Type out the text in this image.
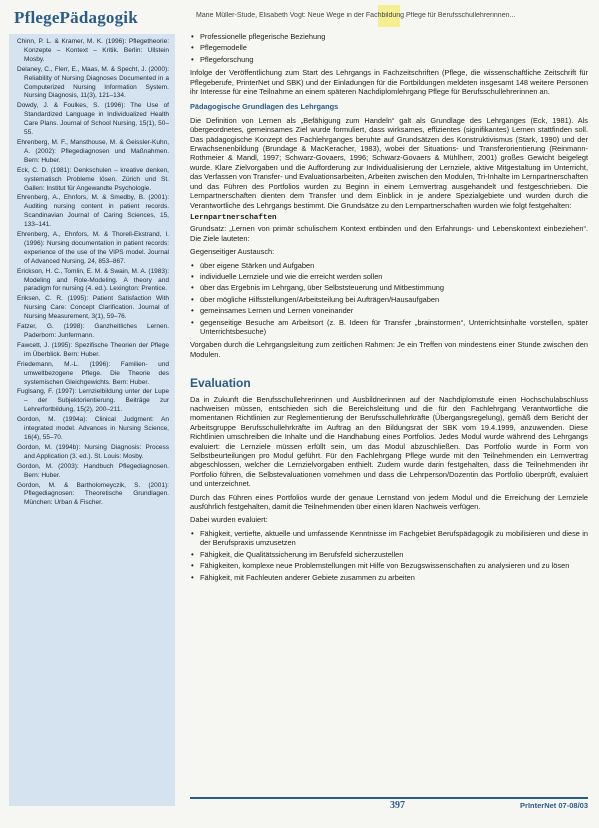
PflegePädagogik	Marie Müller-Stude, Elisabeth Vogt: Neue Wege in der Fachbildung Pflege für Berufsschullehrerinnen...

Chinn, P. L. & Kramer, M. K. (1996): Pflegetheorie: Konzepte – Kontext – Kritik. Berlin: Ullstein Mosby.

Delaney, C., Flerr, E., Maas, M. & Specht, J. (2000): Reliability of Nursing Diagnoses Documented in a Computerized Nursing Information System. Nursing Diagnosis, 11(3), 121–134.

Dowdy, J. & Foulkes, S. (1996): The Use of Standardized Language in Individualized Health Care Plans. Journal of School Nursing, 15(1), 50–55.

Ehrenberg, M. F., Mansthouse, M. & Geissler-Kuhn, A. (2002): Pflegediagnosen und Maßnahmen. Bern: Huber.

Eck, C. D. (1981): Denkschulen – kreative denken, systematisch Probleme lösen. Zürich und St. Gallen: Institut für Angewandte Psychologie.

Ehrenberg, A., Ehnfors, M. & Smedby, B. (2001): Auditing nursing content in patient records. Scandinavian Journal of Caring Sciences, 15, 133–141.

Ehrenberg, A., Ehnfors, M. & Thorell-Ekstrand, I. (1996): Nursing documentation in patient records: experience of the use of the VIPS model. Journal of Advanced Nursing, 24, 853–867.

Erickson, H. C., Tomlin, E. M. & Swain, M. A. (1983): Modeling and Role-Modeling. A theory and paradigm for nursing (4. ed.). Lexington: Prentice.

Eriksen, C. R. (1995): Patient Satisfaction With Nursing Care: Concept Clarification. Journal of Nursing Measurement, 3(1), 59–76.

Fatzer, G. (1998): Ganzheitliches Lernen. Paderborn: Junfermann.

Fawcett, J. (1995): Spezifische Theorien der Pflege im Überblick. Bern: Huber.

Friedemann, M.-L. (1996): Familien- und umweltbezogene Pflege. Die Theorie des systemischen Gleichgewichts. Bern: Huber.

Fuglsang, F. (1997): Lernzielbildung unter der Lupe – der Subjektorientierung. Beiträge zur Lehrerfortbildung, 15(2), 200–211.

Gordon, M. (1994a): Clinical Judgment: An integrated model. Advances in Nursing Science, 16(4), 55–70.

Gordon, M. (1994b): Nursing Diagnosis: Process and Application (3. ed.). St. Louis: Mosby.

Gordon, M. (2003): Handbuch Pflegediagnosen. Bern: Huber.

Gordon, M. & Bartholomeyczik, S. (2001): Pflegediagnosen: Theoretische Grundlagen. München: Urban & Fischer.

• Professionelle pflegerische Beziehung
• Pflegemodelle
• Pflegeforschung

Infolge der Veröffentlichung zum Start des Lehrgangs in Fachzeitschriften (Pflege, die wissenschaftliche Zeitschrift für Pflegeberufe, PrinterNet und SBK) und der Einladungen für die Fortbildungen meldeten insgesamt 148 weitere Personen ihr Interesse für eine Teilnahme an einem späteren Nachdiplomlehrgang Pflege für Berufsschullehrerinnen an.

Pädagogische Grundlagen des Lehrgangs

Die Definition von Lernen als „Befähigung zum Handeln“ galt als Grundlage des Lehrganges (Eck, 1981). Als übergeordnetes, gemeinsames Ziel wurde formuliert, dass wirksames, effizientes (signifikantes) Lernen stattfinden soll. Das pädagogische Konzept des Fachlehrganges beruhte auf Grundsätzen des Konstruktivismus (Stark, 1990) und der Erwachsenenbildung (Brundage & MacKeracher, 1983), wobei der Situations- und Transferorientierung (Reinmann-Rothmeier & Mandl, 1997; Schwarz-Govaers, 1996; Schwarz-Govaers & Mühlherr, 2001) großes Gewicht beigelegt wurde. Klare Zielvorgaben und die Aufforderung zur Individualisierung der Lernziele, aktive Mitgestaltung im Unterricht, das Verfassen von Transfer- und Evaluationsarbeiten, Arbeiten zwischen den Modulen, Tri-Inhalte im Lernpartnerschaften und das Führen des Portfolios wurden zu Beginn in einem Lernvertrag ausgehandelt und festgeschrieben. Die Lernpartnerschaften dienten dem Transfer und dem Einblick in je andere Spezialgebiete und wurden durch die Verantwortliche des Lehrgangs bestimmt. Die Grundsätze zu den Lernpartnerschaften wurden wie folgt festgehalten:

Lernpartnerschaften

Grundsatz: „Lernen von primär schulischem Kontext entbinden und den Erfahrungs- und Lebenskontext einbeziehen“. Die Ziele lauteten:

Gegenseitiger Austausch:

• über eigene Stärken und Aufgaben
• individuelle Lernziele und wie die erreicht werden sollen
• über das Ergebnis im Lehrgang, über Selbststeuerung und Mitbestimmung
• über mögliche Hilfsstellungen/Arbeitsteilung bei Aufträgen/Hausaufgaben
• gemeinsames Lernen und Lernen voneinander
• gegenseitige Besuche am Arbeitsort (z. B. Ideen für Transfer „brainstormen“, Unterrichtsinhalte vorstellen, später Unterrichtsbesuche)

Vorgaben durch die Lehrgangsleitung zum zeitlichen Rahmen: Je ein Treffen von mindestens einer Stunde zwischen den Modulen.

Evaluation

Da in Zukunft die Berufsschullehrerinnen und Ausbildnerinnen auf der Nachdiplomstufe einen Hochschulabschluss nachweisen müssen, entschieden sich die Bereichsleitung und die für den Fachlehrgang Verantwortliche die momentanen Richtlinien zur Reglementierung der Berufsschullehrkräfte (Übergangsregelung), gemäß dem Bericht der Arbeitsgruppe Berufsschullehrkräfte im Auftrag an den Bildungsrat der SBK vom 19.4.1999, anzuwenden. Diese Richtlinien umschreiben die Inhalte und die Handhabung eines Portfolios. Jedes Modul wurde während des Lehrgangs evaluiert: die Lernziele müssen erfüllt sein, um das Modul abzuschließen. Das Portfolio wurde in Form von Selbstbeurteilungen pro Modul geführt. Für den Fachlehrgang Pflege wurde mit den Teilnehmenden ein Lernvertrag abgeschlossen, welcher die Lernzielvorgaben enthielt. Zudem wurde darin festgehalten, dass die Teilnehmenden ihr Portfolio führen, die Selbstevaluationen vornehmen und dass die Lehrperson/Dozentin das Portfolio überprüft, evaluiert und unterzeichnet.

Durch das Führen eines Portfolios wurde der genaue Lernstand von jedem Modul und die Erreichung der Lernziele ausführlich festgehalten, damit die Teilnehmenden über einen klaren Nachweis verfügen.

Dabei wurden evaluiert:

• Fähigkeit, vertiefte, aktuelle und umfassende Kenntnisse im Fachgebiet Berufspädagogik zu mobilisieren und diese in der Berufspraxis umzusetzen
• Fähigkeit, die Qualitätssicherung im Berufsfeld sicherzustellen
• Fähigkeiten, komplexe neue Problemstellungen mit Hilfe von Bezugswissenschaften zu analysieren und zu lösen
• Fähigkeit, mit Fachleuten anderer Gebiete zusammen zu arbeiten
397	PrInterNet 07-08/03
